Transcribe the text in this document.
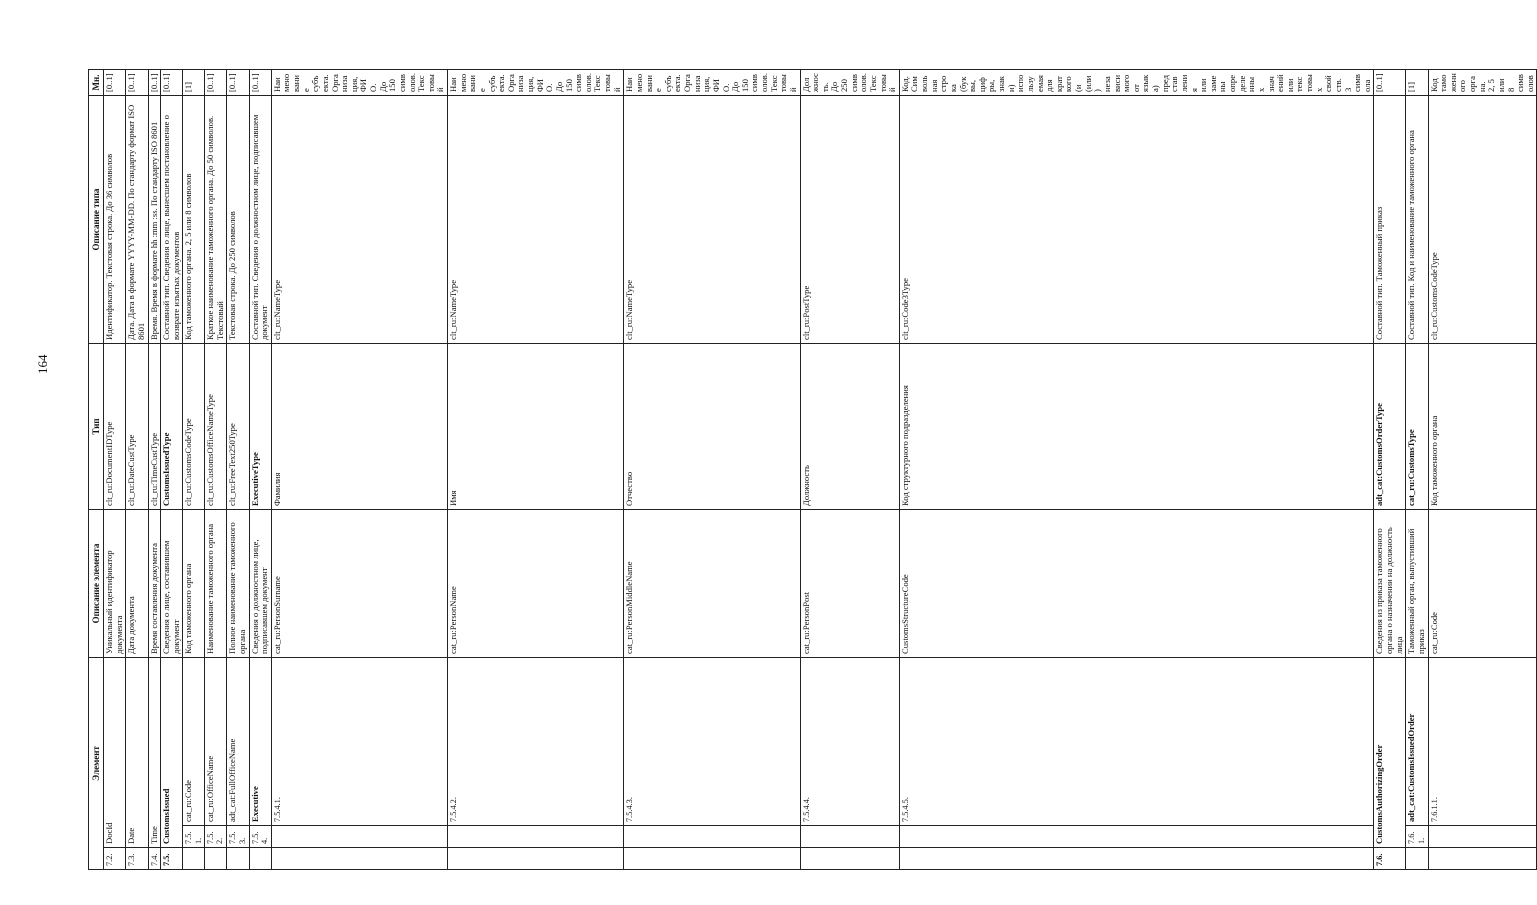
164
Элемент			Описание элемента	Тип	Описание типа	Мн.	
7.2.	DocId		Уникальный идентификатор документа	clt_ru:DocumentIDType	Идентификатор. Текстовая строка. До 36 символов	[0..1]	
7.3.	Date		Дата документа	clt_ru:DateCustType	Дата. Дата в формате YYYY-MM-DD. По стандарту формат ISO 8601	[0..1]	
7.4.	Time		Время составления документа	clt_ru:TimeCustType	Время. Время в формате hh :mm :ss. По стандарту ISO 8601	[0..1]	
7.5.	CustomsIssued		Сведения о лице, составившем документ	CustomsIssuedType	Составной тип. Сведения о лице, вынесшем постановление о возврате изъятых документов	[0..1]	
	7.5.1.	cat_ru:Code	Код таможенного органа	clt_ru:CustomsCodeType	Код таможенного органа. 2, 5 или 8 символов	[1]	
	7.5.2.	cat_ru:OfficeName	Наименование таможенного органа	clt_ru:CustomsOfficeNameType	Краткое наименование таможенного органа. До 50 символов. Текстовый	[0..1]	
	7.5.3.	adt_cat:FullOfficeName	Полное наименование таможенного органа	clt_ru:FreeText250Type	Текстовая строка. До 250 символов	[0..1]	
	7.5.4.	Executive	Сведения о должностном лице, подписавшем документ	ExecutiveType	Составной тип. Сведения о должностном лице, подписавшем документ	[0..1]	
		7.5.4.1.	cat_ru:PersonSurname	Фамилия	clt_ru:NameType	Наименование субъекта. Организация, ФИО. До 150 символов. Текстовый	
		7.5.4.2.	cat_ru:PersonName	Имя	clt_ru:NameType	Наименование субъекта. Организация, ФИО. До 150 символов. Текстовый	
		7.5.4.3.	cat_ru:PersonMiddleName	Отчество	clt_ru:NameType	Наименование субъекта. Организация, ФИО. До 150 символов. Текстовый	
		7.5.4.4.	cat_ru:PersonPost	Должность	clt_ru:PostType	Должность. До 250 символов. Текстовый	
		7.5.4.5.	CustomsStructureCode	Код структурного подразделения	clt_ru:Code3Type	Код. Символьная строка (буквы, цифры, знаки) используемая для краткого (и (или) независимого от языка) представления или замены определенных значений или текстовых свойств. 3 символа	
7.6.	CustomsAuthorizingOrder		Сведения из приказа таможенного органа о назначении на должность лица	adt_cat:CustomsOrderType	Составной тип. Таможенный приказ	[0..1]	
	7.6.1.	adt_cat:CustomsIssuedOrder	Таможенный орган, выпустивший приказ	cat_ru:CustomsType	Составной тип. Код и наименование таможенного органа	[1]	
		7.6.1.1.	cat_ru:Code	Код таможенного органа	clt_ru:CustomsCodeType	Код таможенного органа. 2, 5 или 8 символов	
